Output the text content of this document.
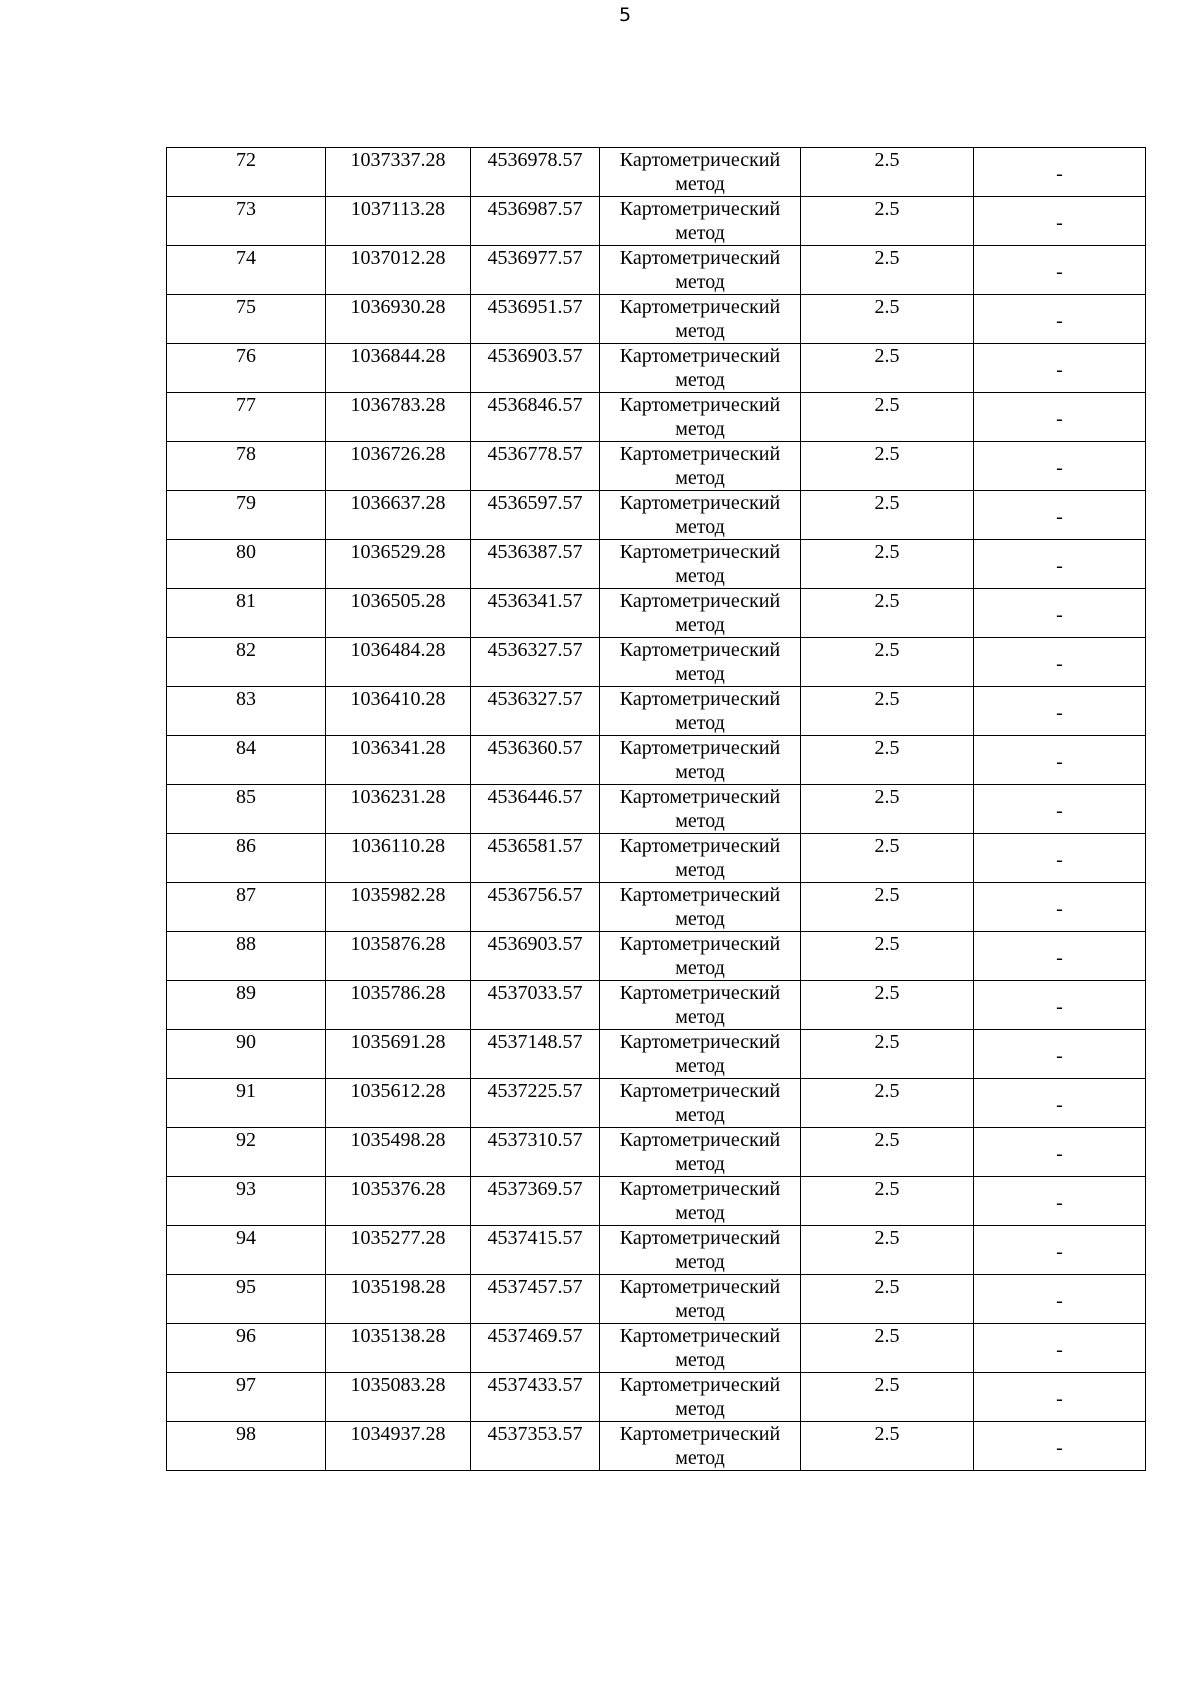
5
72	1037337.28	4536978.57	Картометрический
метод	2.5	-
73	1037113.28	4536987.57	Картометрический
метод	2.5	-
74	1037012.28	4536977.57	Картометрический
метод	2.5	-
75	1036930.28	4536951.57	Картометрический
метод	2.5	-
76	1036844.28	4536903.57	Картометрический
метод	2.5	-
77	1036783.28	4536846.57	Картометрический
метод	2.5	-
78	1036726.28	4536778.57	Картометрический
метод	2.5	-
79	1036637.28	4536597.57	Картометрический
метод	2.5	-
80	1036529.28	4536387.57	Картометрический
метод	2.5	-
81	1036505.28	4536341.57	Картометрический
метод	2.5	-
82	1036484.28	4536327.57	Картометрический
метод	2.5	-
83	1036410.28	4536327.57	Картометрический
метод	2.5	-
84	1036341.28	4536360.57	Картометрический
метод	2.5	-
85	1036231.28	4536446.57	Картометрический
метод	2.5	-
86	1036110.28	4536581.57	Картометрический
метод	2.5	-
87	1035982.28	4536756.57	Картометрический
метод	2.5	-
88	1035876.28	4536903.57	Картометрический
метод	2.5	-
89	1035786.28	4537033.57	Картометрический
метод	2.5	-
90	1035691.28	4537148.57	Картометрический
метод	2.5	-
91	1035612.28	4537225.57	Картометрический
метод	2.5	-
92	1035498.28	4537310.57	Картометрический
метод	2.5	-
93	1035376.28	4537369.57	Картометрический
метод	2.5	-
94	1035277.28	4537415.57	Картометрический
метод	2.5	-
95	1035198.28	4537457.57	Картометрический
метод	2.5	-
96	1035138.28	4537469.57	Картометрический
метод	2.5	-
97	1035083.28	4537433.57	Картометрический
метод	2.5	-
98	1034937.28	4537353.57	Картометрический
метод	2.5	-
